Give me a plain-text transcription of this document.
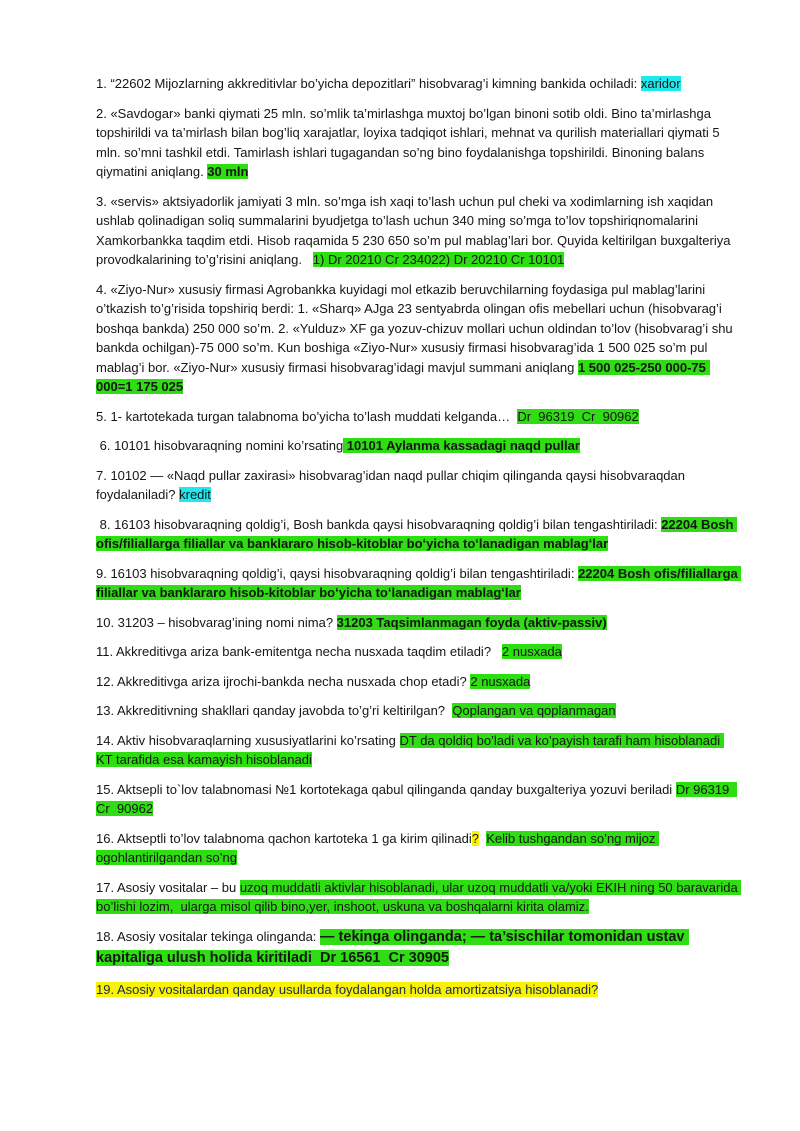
1. “22602 Mijozlarning akkreditivlar bo’yicha depozitlari” hisobvarag’i kimning bankida ochiladi: xaridor

2. «Savdogar» banki qiymati 25 mln. so’mlik ta’mirlashga muxtoj bo’lgan binoni sotib oldi. Bino ta’mirlashga topshirildi va ta’mirlash bilan bog’liq xarajatlar, loyixa tadqiqot ishlari, mehnat va qurilish materiallari qiymati 5 mln. so’mni tashkil etdi. Tamirlash ishlari tugagandan so’ng bino foydalanishga topshirildi. Binoning balans qiymatini aniqlang. 30 mln

3. «servis» aktsiyadorlik jamiyati 3 mln. so’mga ish xaqi to’lash uchun pul cheki va xodimlarning ish xaqidan ushlab qolinadigan soliq summalarini byudjetga to’lash uchun 340 ming so’mga to’lov topshiriqnomalarini Xamkorbankka taqdim etdi. Hisob raqamida 5 230 650 so’m pul mablag’lari bor. Quyida keltirilgan buxgalteriya provodkalarining to’g’risini aniqlang.   1) Dr 20210 Cr 234022) Dr 20210 Cr 10101

4. «Ziyo-Nur» xususiy firmasi Agrobankka kuyidagi mol etkazib beruvchilarning foydasiga pul mablag’larini o’tkazish to’g’risida topshiriq berdi: 1. «Sharq» AJga 23 sentyabrda olingan ofis mebellari uchun (hisobvarag’i boshqa bankda) 250 000 so’m. 2. «Yulduz» XF ga yozuv-chizuv mollari uchun oldindan to’lov (hisobvarag’i shu bankda ochilgan)-75 000 so’m. Kun boshiga «Ziyo-Nur» xususiy firmasi hisobvarag’ida 1 500 025 so’m pul mablag’i bor. «Ziyo-Nur» xususiy firmasi hisobvarag’idagi mavjul summani aniqlang 1 500 025-250 000-75 000=1 175 025

5. 1- kartotekada turgan talabnoma bo’yicha to’lash muddati kelganda…  Dr  96319  Cr  90962

6. 10101 hisobvaraqning nomini ko’rsating 10101 Aylanma kassadagi naqd pullar

7. 10102 — «Naqd pullar zaxirasi» hisobvarag’idan naqd pullar chiqim qilinganda qaysi hisobvaraqdan foydalaniladi? kredit

8. 16103 hisobvaraqning qoldig’i, Bosh bankda qaysi hisobvaraqning qoldig’i bilan tengashtiriladi: 22204 Bosh ofis/filiallarga filiallar va banklararo hisob-kitoblar boʻyicha toʻlanadigan mablagʻlar

9. 16103 hisobvaraqning qoldig’i, qaysi hisobvaraqning qoldig’i bilan tengashtiriladi: 22204 Bosh ofis/filiallarga filiallar va banklararo hisob-kitoblar boʻyicha toʻlanadigan mablagʻlar

10. 31203 – hisobvarag’ining nomi nima? 31203 Taqsimlanmagan foyda (aktiv-passiv)

11. Akkreditivga ariza bank-emitentga necha nusxada taqdim etiladi?   2 nusxada

12. Akkreditivga ariza ijrochi-bankda necha nusxada chop etadi? 2 nusxada

13. Akkreditivning shakllari qanday javobda to’g’ri keltirilgan?  Qoplangan va qoplanmagan

14. Aktiv hisobvaraqlarning xususiyatlarini ko’rsating DT da qoldiq bo’ladi va ko’payish tarafi ham hisoblanadi KT tarafida esa kamayish hisoblanadi

15. Aktsepli to`lov talabnomasi №1 kortotekaga qabul qilinganda qanday buxgalteriya yozuvi beriladi Dr 96319  Cr  90962

16. Aktseptli to’lov talabnoma qachon kartoteka 1 ga kirim qilinadi? Kelib tushgandan so’ng mijoz ogohlantirilgandan so’ng

17. Asosiy vositalar – bu uzoq muddatli aktivlar hisoblanadi, ular uzoq muddatli va/yoki EKIH ning 50 baravarida bo’lishi lozim,  ularga misol qilib bino,yer, inshoot, uskuna va boshqalarni kirita olamiz.

18. Asosiy vositalar tekinga olinganda: — tekinga olinganda; — ta’sischilar tomonidan ustav kapitaliga ulush holida kiritiladi  Dr 16561  Cr 30905

19. Asosiy vositalardan qanday usullarda foydalangan holda amortizatsiya hisoblanadi?
